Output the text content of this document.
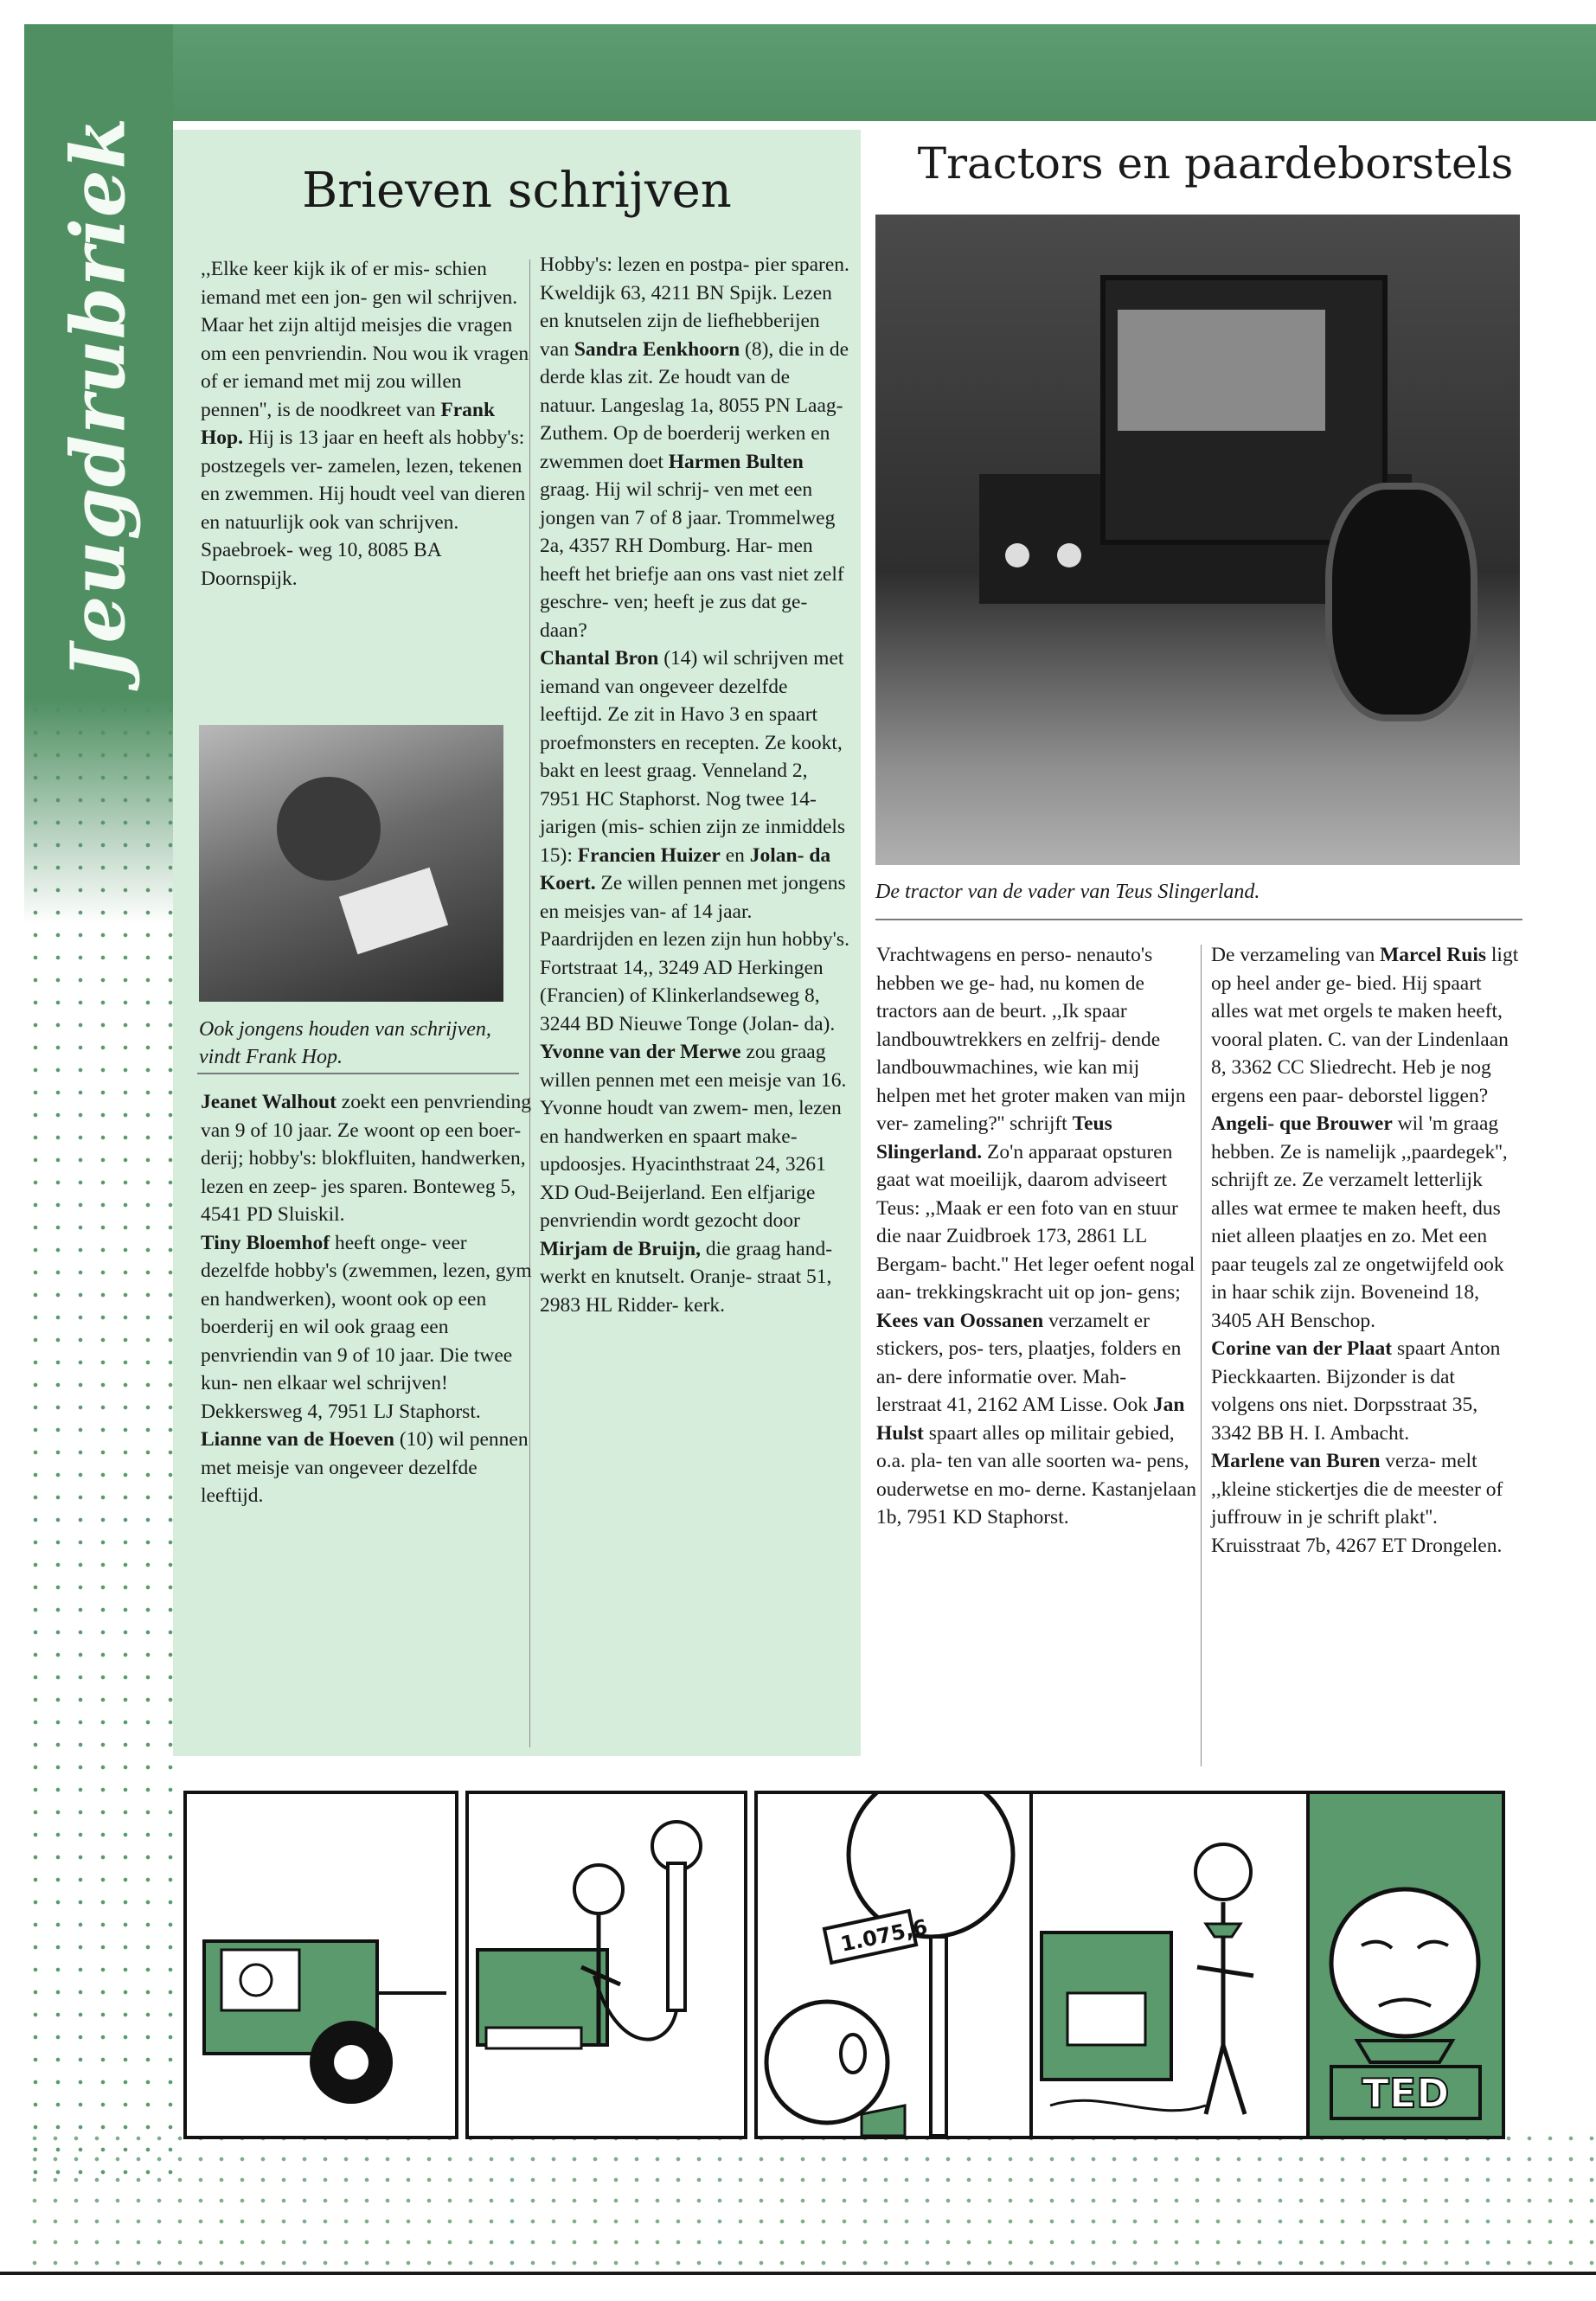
Jeugdrubriek	Brieven schrijven

,,Elke keer kijk ik of er mis- schien iemand met een jon- gen wil schrijven. Maar het zijn altijd meisjes die vragen om een penvriendin. Nou wou ik vragen of er iemand met mij zou willen pennen'', is de noodkreet van Frank Hop. Hij is 13 jaar en heeft als hobby's: postzegels ver- zamelen, lezen, tekenen en zwemmen. Hij houdt veel van dieren en natuurlijk ook van schrijven. Spaebroek- weg 10, 8085 BA Doornspijk.

Ook jongens houden van schrijven, vindt Frank Hop.

Jeanet Walhout zoekt een penvriending van 9 of 10 jaar. Ze woont op een boer- derij; hobby's: blokfluiten, handwerken, lezen en zeep- jes sparen. Bonteweg 5, 4541 PD Sluiskil.

Tiny Bloemhof heeft onge- veer dezelfde hobby's (zwemmen, lezen, gym en handwerken), woont ook op een boerderij en wil ook graag een penvriendin van 9 of 10 jaar. Die twee kun- nen elkaar wel schrijven! Dekkersweg 4, 7951 LJ Staphorst.

Lianne van de Hoeven (10) wil pennen met meisje van ongeveer dezelfde leeftijd.

Hobby's: lezen en postpa- pier sparen. Kweldijk 63, 4211 BN Spijk. Lezen en knutselen zijn de liefhebberijen van Sandra Eenkhoorn (8), die in de derde klas zit. Ze houdt van de natuur. Langeslag 1a, 8055 PN Laag-Zuthem. Op de boerderij werken en zwemmen doet Harmen Bulten graag. Hij wil schrij- ven met een jongen van 7 of 8 jaar. Trommelweg 2a, 4357 RH Domburg. Har- men heeft het briefje aan ons vast niet zelf geschre- ven; heeft je zus dat ge- daan?

Chantal Bron (14) wil schrijven met iemand van ongeveer dezelfde leeftijd. Ze zit in Havo 3 en spaart proefmonsters en recepten. Ze kookt, bakt en leest graag. Venneland 2, 7951 HC Staphorst. Nog twee 14-jarigen (mis- schien zijn ze inmiddels 15): Francien Huizer en Jolan- da Koert. Ze willen pennen met jongens en meisjes van- af 14 jaar. Paardrijden en lezen zijn hun hobby's. Fortstraat 14,, 3249 AD Herkingen (Francien) of Klinkerlandseweg 8, 3244 BD Nieuwe Tonge (Jolan- da).

Yvonne van der Merwe zou graag willen pennen met een meisje van 16. Yvonne houdt van zwem- men, lezen en handwerken en spaart make-updoosjes. Hyacinthstraat 24, 3261 XD Oud-Beijerland. Een elfjarige penvriendin wordt gezocht door Mirjam de Bruijn, die graag hand- werkt en knutselt. Oranje- straat 51, 2983 HL Ridder- kerk.

Tractors en paardeborstels
De tractor van de vader van Teus Slingerland.

Vrachtwagens en perso- nenauto's hebben we ge- had, nu komen de tractors aan de beurt. ,,Ik spaar landbouwtrekkers en zelfrij- dende landbouwmachines, wie kan mij helpen met het groter maken van mijn ver- zameling?'' schrijft Teus Slingerland. Zo'n apparaat opsturen gaat wat moeilijk, daarom adviseert Teus: ,,Maak er een foto van en stuur die naar Zuidbroek 173, 2861 LL Bergam- bacht.'' Het leger oefent nogal aan- trekkingskracht uit op jon- gens; Kees van Oossanen verzamelt er stickers, pos- ters, plaatjes, folders en an- dere informatie over. Mah- lerstraat 41, 2162 AM Lisse. Ook Jan Hulst spaart alles op militair gebied, o.a. pla- ten van alle soorten wa- pens, ouderwetse en mo- derne. Kastanjelaan 1b, 7951 KD Staphorst.

De verzameling van Marcel Ruis ligt op heel ander ge- bied. Hij spaart alles wat met orgels te maken heeft, vooral platen. C. van der Lindenlaan 8, 3362 CC Sliedrecht. Heb je nog ergens een paar- deborstel liggen? Angeli- que Brouwer wil 'm graag hebben. Ze is namelijk ,,paardegek'', schrijft ze. Ze verzamelt letterlijk alles wat ermee te maken heeft, dus niet alleen plaatjes en zo. Met een paar teugels zal ze ongetwijfeld ook in haar schik zijn. Boveneind 18, 3405 AH Benschop.

Corine van der Plaat spaart Anton Pieckkaarten. Bijzonder is dat volgens ons niet. Dorpsstraat 35, 3342 BB H. I. Ambacht.

Marlene van Buren verza- melt ,,kleine stickertjes die de meester of juffrouw in je schrift plakt''. Kruisstraat 7b, 4267 ET Drongelen.

1.075,6
TED
